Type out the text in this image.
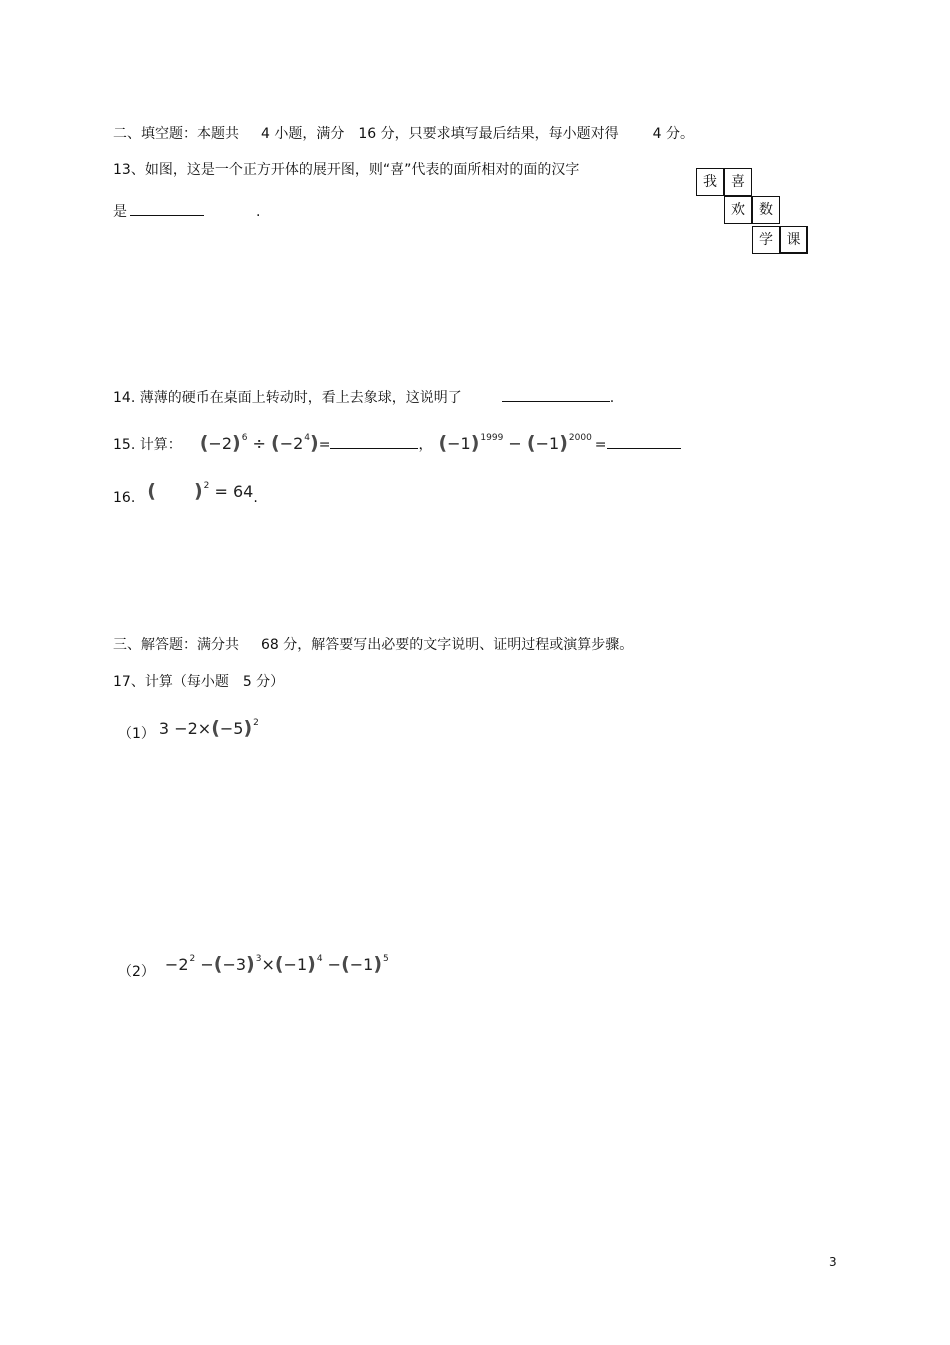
二、填空题：本题共 4 小题，满分 16 分，只要求填写最后结果，每小题对得 4 分。
13、如图，这是一个正方开体的展开图，则“喜”代表的面所相对的面的汉字
是	.
我	喜
欢	数
学 课
14. 薄薄的硬币在桌面上转动时，看上去象球，这说明了	.
15. 计算： $(-2)^6 \div (-2^4)=$	， $(-1)^{1999} - (-1)^{2000}$ =
16. ( )$^2$ = 64.
三、解答题：满分共 68 分，解答要写出必要的文字说明、证明过程或演算步骤。
17、计算（每小题 5 分）
（1） $3 -2\times(-5)^2$
$(2) -2^2 -(-3)^3\times(-1)^4 -(-1)^5$
3
